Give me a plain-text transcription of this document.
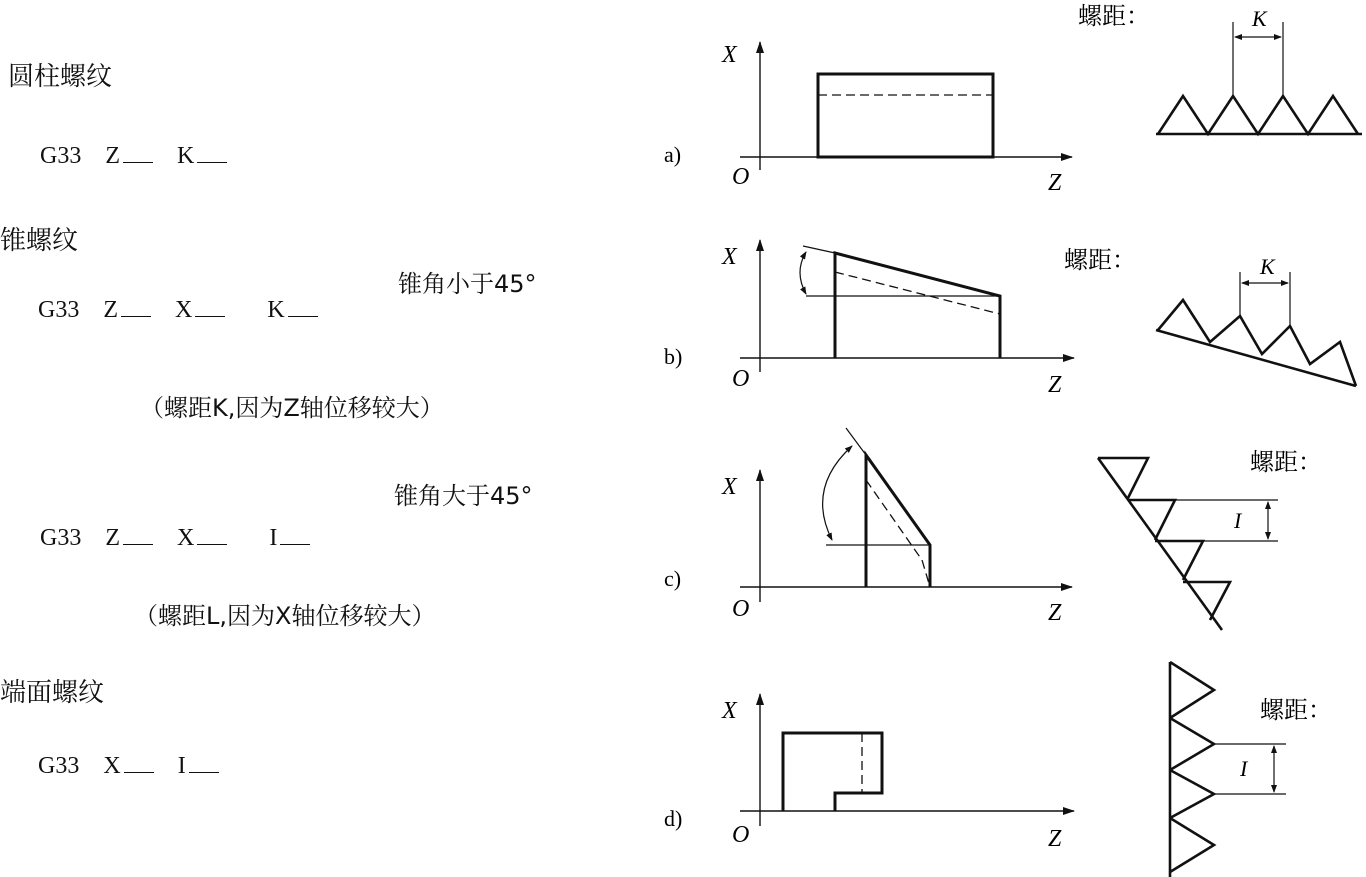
圆柱螺纹
G33 Z K
锥螺纹
锥角小于45°
G33 Z X	K
（螺距K,因为Z轴位移较大）
锥角大于45°
G33 Z X	I
（螺距L,因为X轴位移较大）
端面螺纹
G33 X I
X
Z
O
a)
螺距：	K
X
Z
O
b)
螺距：	K
X
Z
O
c)
螺距：
I
X
Z
O
d)
螺距：
I
